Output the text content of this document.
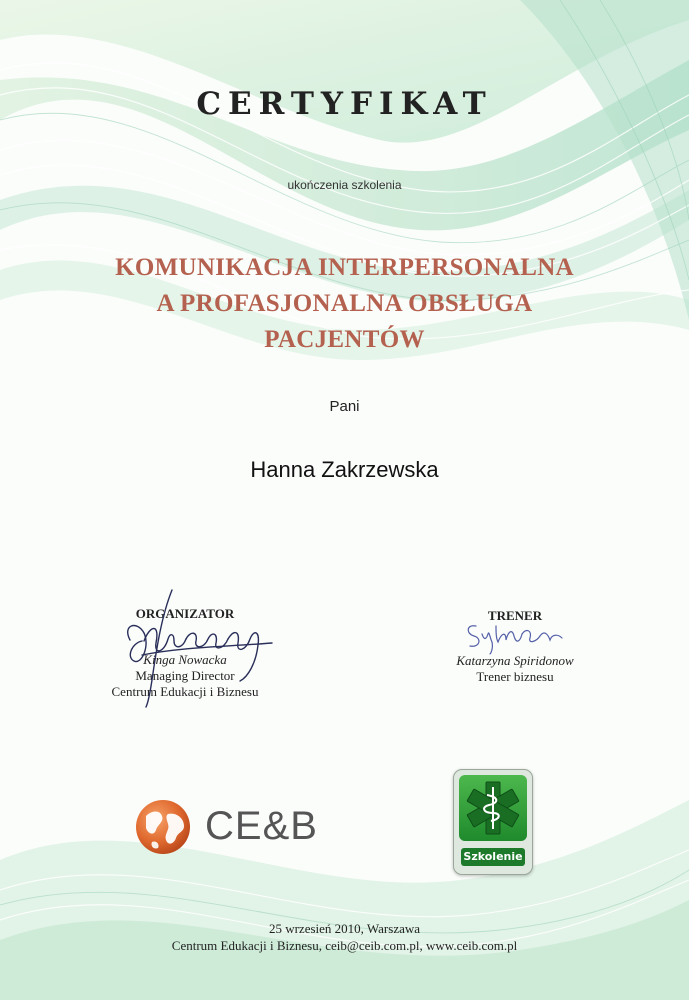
CERTYFIKAT
ukończenia szkolenia
KOMUNIKACJA INTERPERSONALNA
A PROFASJONALNA OBSŁUGA
PACJENTÓW
Pani
Hanna Zakrzewska
ORGANIZATOR
Kinga Nowacka
Managing Director
Centrum Edukacji i Biznesu
TRENER
Katarzyna Spiridonow
Trener biznesu
CE&B
Szkolenie
25 wrzesień 2010, Warszawa
Centrum Edukacji i Biznesu, ceib@ceib.com.pl, www.ceib.com.pl
